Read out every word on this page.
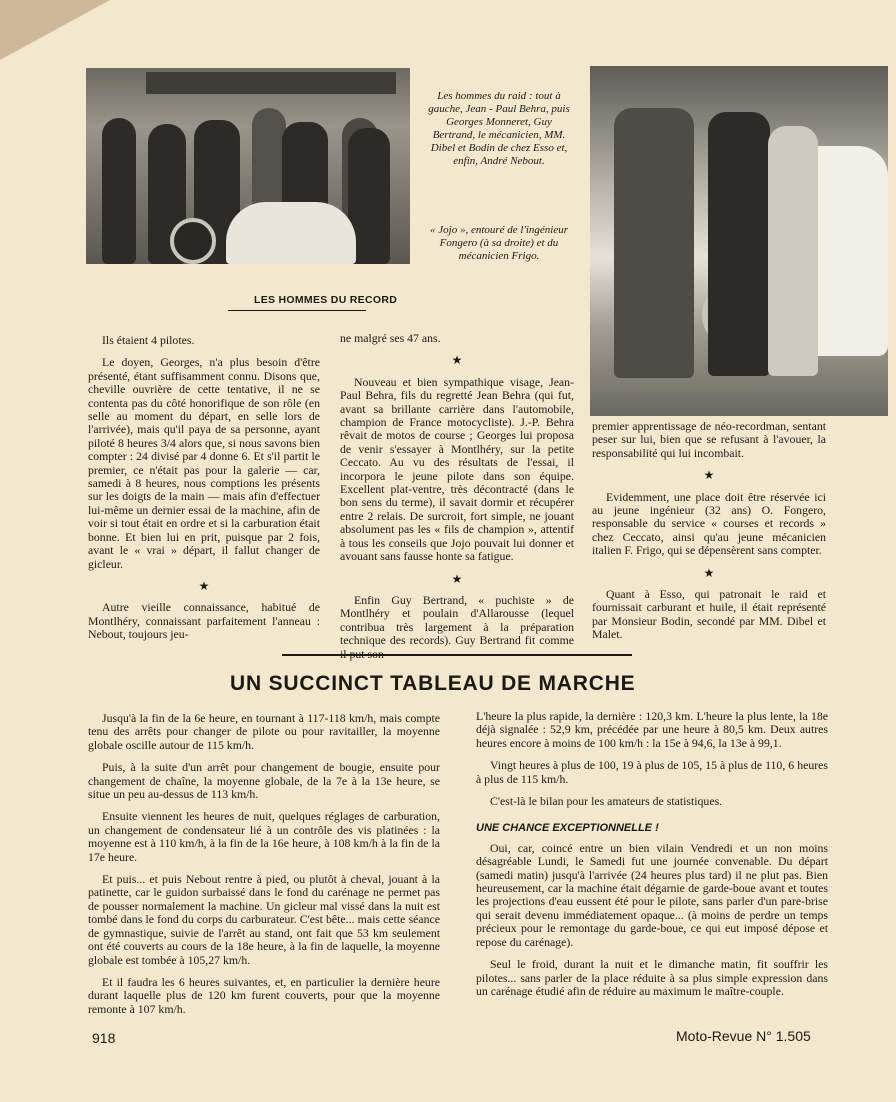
Les hommes du raid : tout à gauche, Jean - Paul Behra, puis Georges Monneret, Guy Bertrand, le mécanicien, MM. Dibel et Bodin de chez Esso et, enfin, André Nebout.
« Jojo », entouré de l'ingénieur Fongero (à sa droite) et du mécanicien Frigo.
LES HOMMES DU RECORD

Ils étaient 4 pilotes.

Le doyen, Georges, n'a plus besoin d'être présenté, étant suffisamment connu. Disons que, cheville ouvrière de cette tentative, il ne se contenta pas du côté honorifique de son rôle (en selle au moment du départ, en selle lors de l'arrivée), mais qu'il paya de sa personne, ayant piloté 8 heures 3/4 alors que, si nous savons bien compter : 24 divisé par 4 donne 6. Et s'il partit le premier, ce n'était pas pour la galerie — car, samedi à 8 heures, nous comptions les présents sur les doigts de la main — mais afin d'effectuer lui-même un dernier essai de la machine, afin de voir si tout était en ordre et si la carburation était bonne. Et bien lui en prit, puisque par 2 fois, avant le « vrai » départ, il fallut changer de gicleur.

★

Autre vieille connaissance, habitué de Montlhéry, connaissant parfaitement l'anneau : Nebout, toujours jeu-

ne malgré ses 47 ans.

★

Nouveau et bien sympathique visage, Jean-Paul Behra, fils du regretté Jean Behra (qui fut, avant sa brillante carrière dans l'automobile, champion de France motocycliste). J.-P. Behra rêvait de motos de course ; Georges lui proposa de venir s'essayer à Montlhéry, sur la petite Ceccato. Au vu des résultats de l'essai, il incorpora le jeune pilote dans son équipe. Excellent plat-ventre, très décontracté (dans le bon sens du terme), il savait dormir et récupérer entre 2 relais. De surcroit, fort simple, ne jouant absolument pas les « fils de champion », attentif à tous les conseils que Jojo pouvait lui donner et avouant sans fausse honte sa fatigue.

★

Enfin Guy Bertrand, « puchiste » de Montlhéry et poulain d'Allarousse (lequel contribua très largement à la préparation technique des records). Guy Bertrand fit comme

premier apprentissage de néo-recordman, sentant peser sur lui, bien que se refusant à l'avouer, la responsabilité qui lui incombait.

★

Evidemment, une place doit être réservée ici au jeune ingénieur (32 ans) O. Fongero, responsable du service « courses et records » chez Ceccato, ainsi qu'au jeune mécanicien italien F. Frigo, qui se dépensèrent sans compter.

★

Quant à Esso, qui patronait le raid et fournissait carburant et huile, il était représenté par Monsieur Bodin, secondé par MM. Dibel et Malet.

UN SUCCINCT TABLEAU DE MARCHE

Jusqu'à la fin de la 6e heure, en tournant à 117-118 km/h, mais compte tenu des arrêts pour changer de pilote ou pour ravitailler, la moyenne globale oscille autour de 115 km/h.

Puis, à la suite d'un arrêt pour changement de bougie, ensuite pour changement de chaîne, la moyenne globale, de la 7e à la 13e heure, se situe un peu au-dessus de 113 km/h.

Ensuite viennent les heures de nuit, quelques réglages de carburation, un changement de condensateur lié à un contrôle des vis platinées : la moyenne est à 110 km/h, à la fin de la 16e heure, à 108 km/h à la fin de la 17e heure.

Et puis... et puis Nebout rentre à pied, ou plutôt à cheval, jouant à la patinette, car le guidon surbaissé dans le fond du carénage ne permet pas de pousser normalement la machine. Un gicleur mal vissé dans la nuit est tombé dans le fond du corps du carburateur. C'est bête... mais cette séance de gymnastique, suivie de l'arrêt au stand, ont fait que 53 km seulement ont été couverts au cours de la 18e heure, à la fin de laquelle, la moyenne globale est tombée à 105,27 km/h.

Et il faudra les 6 heures suivantes, et, en particulier la dernière heure durant laquelle plus de 120 km furent couverts, pour que la moyenne remonte à 107 km/h.

L'heure la plus rapide, la dernière : 120,3 km. L'heure la plus lente, la 18e déjà signalée : 52,9 km, précédée par une heure à 80,5 km. Deux autres heures encore à moins de 100 km/h : la 15e à 94,6, la 13e à 99,1.

Vingt heures à plus de 100, 19 à plus de 105, 15 à plus de 110, 6 heures à plus de 115 km/h.

C'est-là le bilan pour les amateurs de statistiques.

UNE CHANCE EXCEPTIONNELLE !

Oui, car, coincé entre un bien vilain Vendredi et un non moins désagréable Lundi, le Samedi fut une journée convenable. Du départ (samedi matin) jusqu'à l'arrivée (24 heures plus tard) il ne plut pas. Bien heureusement, car la machine était dégarnie de garde-boue avant et toutes les projections d'eau eussent été pour le pilote, sans parler d'un pare-brise qui serait devenu immédiatement opaque... (à moins de perdre un temps précieux pour le remontage du garde-boue, ce qui eut imposé dépose et repose du carénage).

Seul le froid, durant la nuit et le dimanche matin, fit souffrir les pilotes... sans parler de la place réduite à sa plus simple expression dans un carénage étudié afin de réduire au maximum le maître-couple.

918	Moto-Revue N° 1.505
